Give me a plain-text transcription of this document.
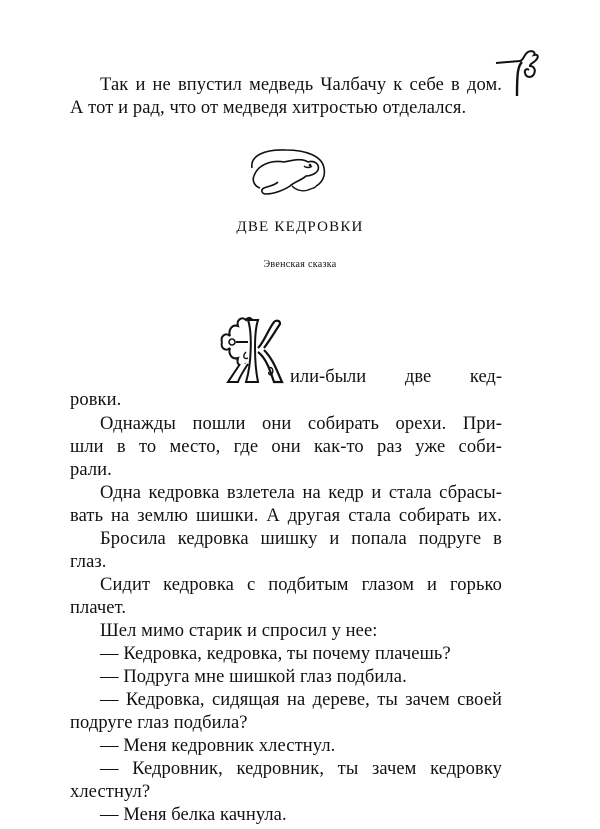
Так и не впустил медведь Чалбачу к себе в дом.
А тот и рад, что от медведя хитростью отделался.
ДВЕ КЕДРОВКИ
Эвенская сказка
или-были две кед-
ровки.
Однажды пошли они собирать орехи. При-
шли в то место, где они как-то раз уже соби-
рали.
Одна кедровка взлетела на кедр и стала сбрасы-
вать на землю шишки. А другая стала собирать их.
Бросила кедровка шишку и попала подруге в
глаз.
Сидит кедровка с подбитым глазом и горько
плачет.
Шел мимо старик и спросил у нее:
— Кедровка, кедровка, ты почему плачешь?
— Подруга мне шишкой глаз подбила.
— Кедровка, сидящая на дереве, ты зачем своей
подруге глаз подбила?
— Меня кедровник хлестнул.
— Кедровник, кедровник, ты зачем кедровку
хлестнул?
— Меня белка качнула.
